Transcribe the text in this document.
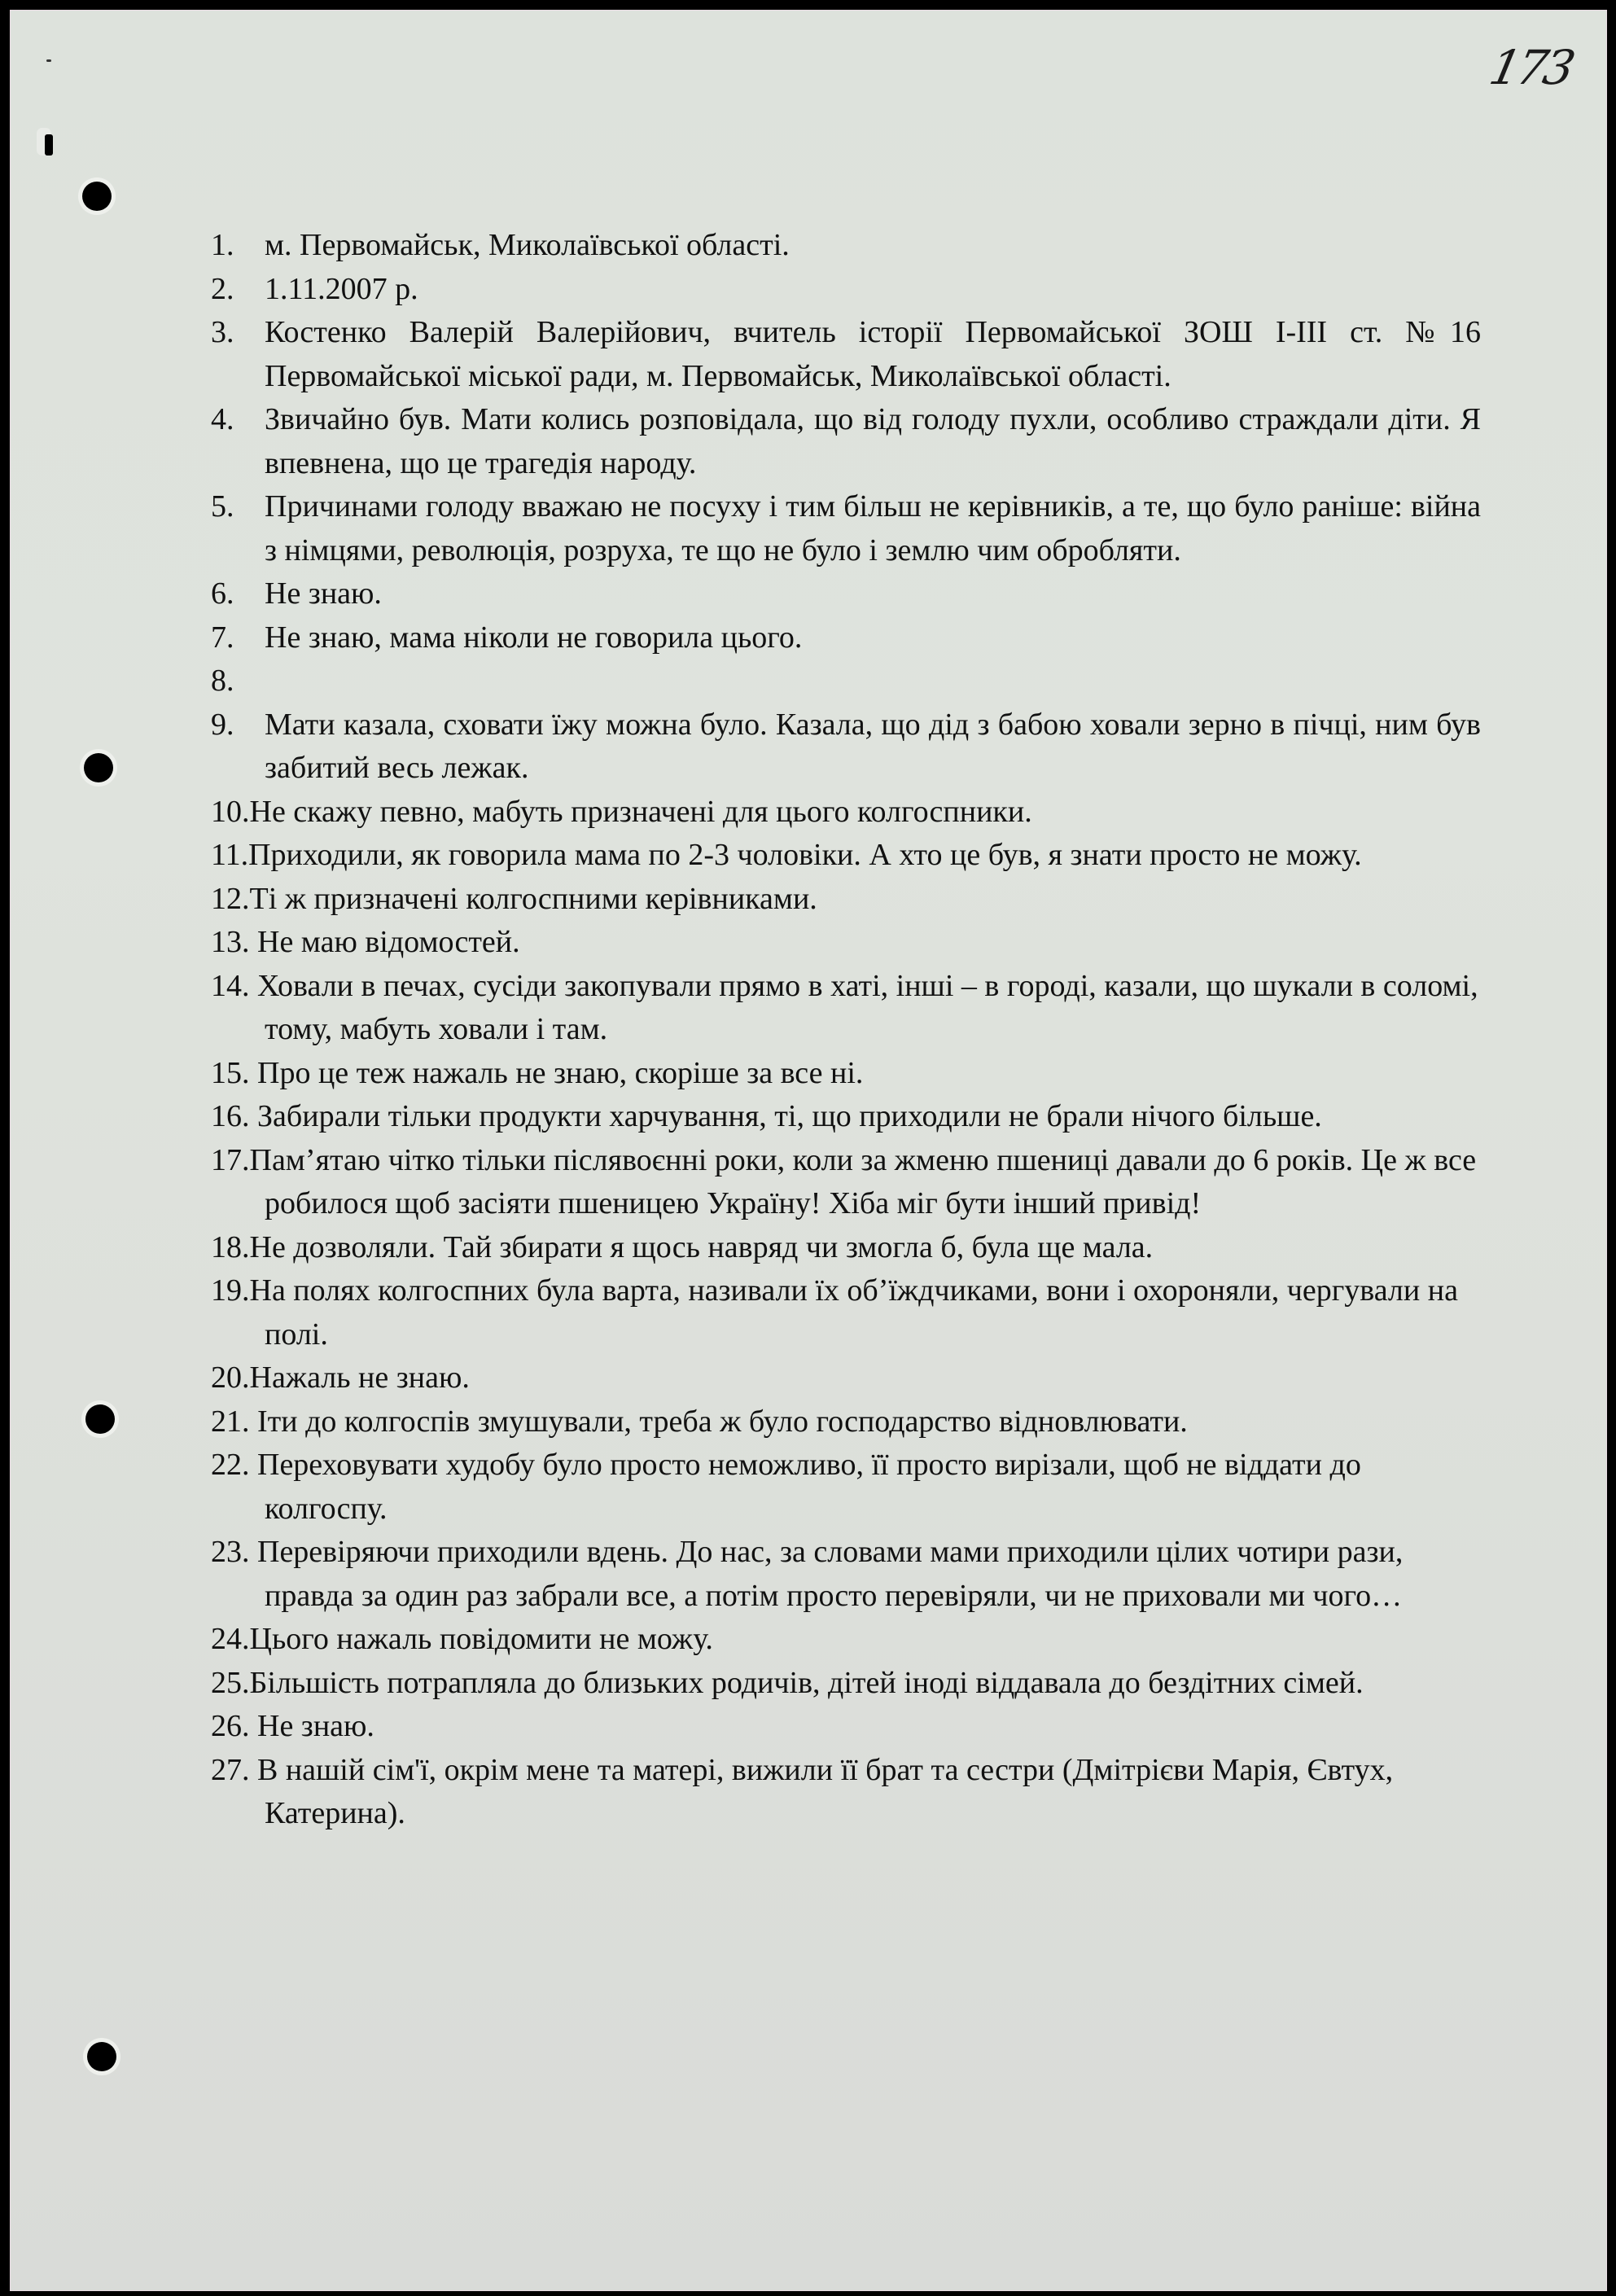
173
1. м. Первомайськ, Миколаївської області.
2. 1.11.2007 р.
3. Костенко Валерій Валерійович, вчитель історії Первомайської ЗОШ І-ІІІ ст. №16 Первомайської міської ради, м. Первомайськ, Миколаївської області.
4. Звичайно був. Мати колись розповідала, що від голоду пухли, особливо страждали діти. Я впевнена, що це трагедія народу.
5. Причинами голоду вважаю не посуху і тим більш не керівників, а те, що було раніше: війна з німцями, революція, розруха, те що не було і землю чим обробляти.
6. Не знаю.
7. Не знаю, мама ніколи не говорила цього.
8.

9. Мати казала, сховати їжу можна було. Казала, що дід з бабою ховали зерно в пічці, ним був забитий весь лежак.
10.Не скажу певно, мабуть призначені для цього колгоспники.
11.Приходили, як говорила мама по 2-3 чоловіки. А хто це був, я знати просто не можу.
12.Ті ж призначені колгоспними керівниками.
13. Не маю відомостей.
14. Ховали в печах, сусіди закопували прямо в хаті, інші – в городі, казали, що шукали в соломі, тому, мабуть ховали і там.
15. Про це теж нажаль не знаю, скоріше за все ні.
16. Забирали тільки продукти харчування, ті, що приходили не брали нічого більше.
17.Пам’ятаю чітко тільки післявоєнні роки, коли за жменю пшениці давали до 6 років. Це ж все робилося щоб засіяти пшеницею Україну! Хіба міг бути інший привід!
18.Не дозволяли. Тай збирати я щось навряд чи змогла б, була ще мала.
19.На полях колгоспних була варта, називали їх об’їждчиками, вони і охороняли, чергували на полі.
20.Нажаль не знаю.
21. Іти до колгоспів змушували, треба ж було господарство відновлювати.
22. Переховувати худобу було просто неможливо, її просто вирізали, щоб не віддати до колгоспу.
23. Перевіряючи приходили вдень. До нас, за словами мами приходили цілих чотири рази, правда за один раз забрали все, а потім просто перевіряли, чи не приховали ми чого…
24.Цього нажаль повідомити не можу.
25.Більшість потрапляла до близьких родичів, дітей іноді віддавала до бездітних сімей.
26. Не знаю.
27. В нашій сім'ї, окрім мене та матері, вижили її брат та сестри (Дмітрієви Марія, Євтух, Катерина).
